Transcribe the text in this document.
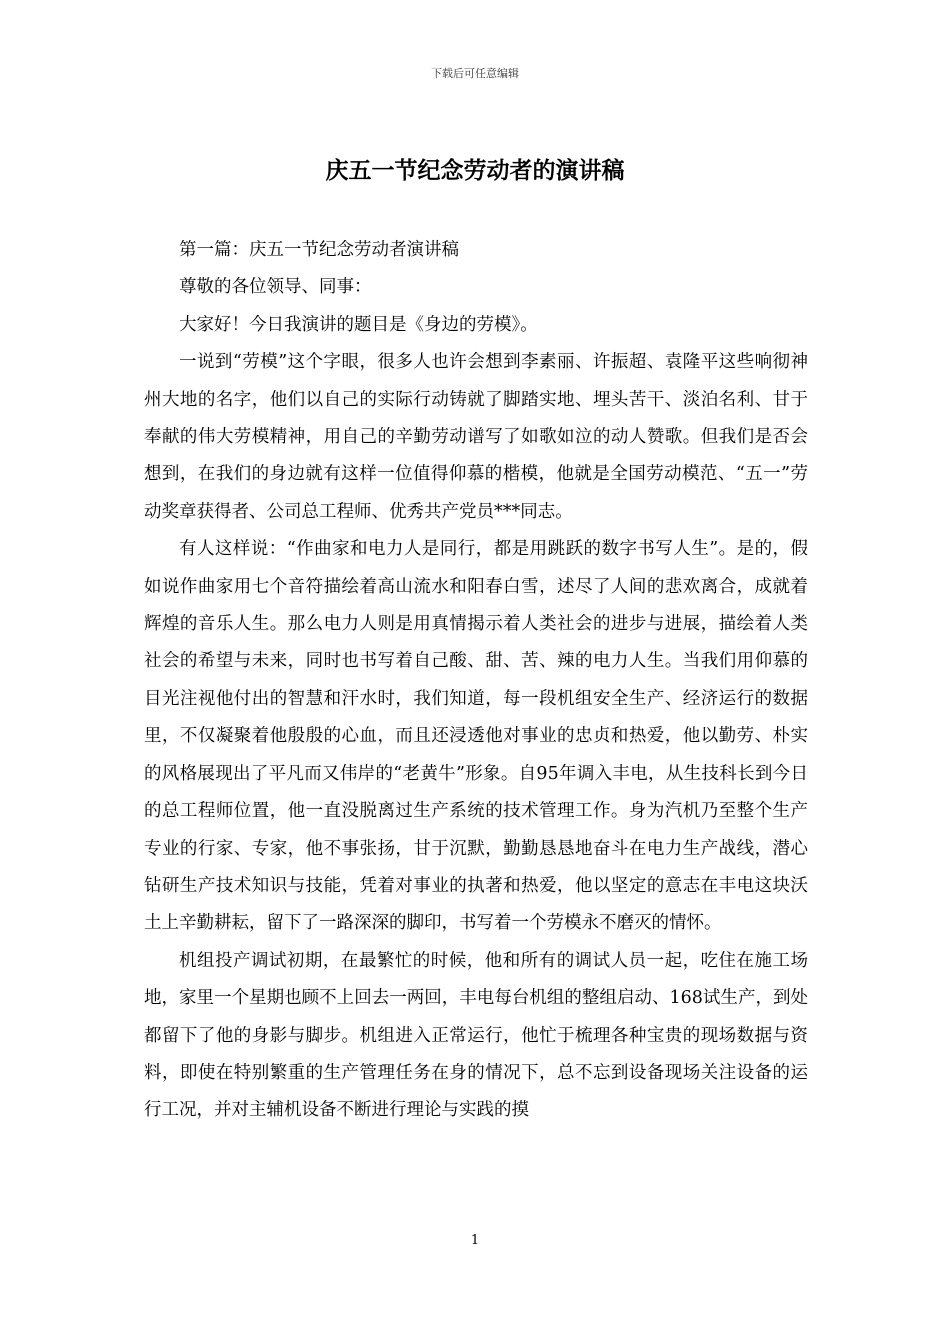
下载后可任意编辑
庆五一节纪念劳动者的演讲稿

第一篇：庆五一节纪念劳动者演讲稿

尊敬的各位领导、同事：

大家好！今日我演讲的题目是《身边的劳模》。

一说到“劳模”这个字眼，很多人也许会想到李素丽、许振超、袁隆平这些响彻神州大地的名字，他们以自己的实际行动铸就了脚踏实地、埋头苦干、淡泊名利、甘于奉献的伟大劳模精神，用自己的辛勤劳动谱写了如歌如泣的动人赞歌。但我们是否会想到，在我们的身边就有这样一位值得仰慕的楷模，他就是全国劳动模范、“五一”劳动奖章获得者、公司总工程师、优秀共产党员***同志。

有人这样说：“作曲家和电力人是同行，都是用跳跃的数字书写人生”。是的，假如说作曲家用七个音符描绘着高山流水和阳春白雪，述尽了人间的悲欢离合，成就着辉煌的音乐人生。那么电力人则是用真情揭示着人类社会的进步与进展，描绘着人类社会的希望与未来，同时也书写着自己酸、甜、苦、辣的电力人生。当我们用仰慕的目光注视他付出的智慧和汗水时，我们知道，每一段机组安全生产、经济运行的数据里，不仅凝聚着他殷殷的心血，而且还浸透他对事业的忠贞和热爱，他以勤劳、朴实的风格展现出了平凡而又伟岸的“老黄牛”形象。自95年调入丰电，从生技科长到今日的总工程师位置，他一直没脱离过生产系统的技术管理工作。身为汽机乃至整个生产专业的行家、专家，他不事张扬，甘于沉默，勤勤恳恳地奋斗在电力生产战线，潜心钻研生产技术知识与技能，凭着对事业的执著和热爱，他以坚定的意志在丰电这块沃土上辛勤耕耘，留下了一路深深的脚印，书写着一个劳模永不磨灭的情怀。

机组投产调试初期，在最繁忙的时候，他和所有的调试人员一起，吃住在施工场地，家里一个星期也顾不上回去一两回，丰电每台机组的整组启动、168试生产，到处都留下了他的身影与脚步。机组进入正常运行，他忙于梳理各种宝贵的现场数据与资料，即使在特别繁重的生产管理任务在身的情况下，总不忘到设备现场关注设备的运行工况，并对主辅机设备不断进行理论与实践的摸

1
